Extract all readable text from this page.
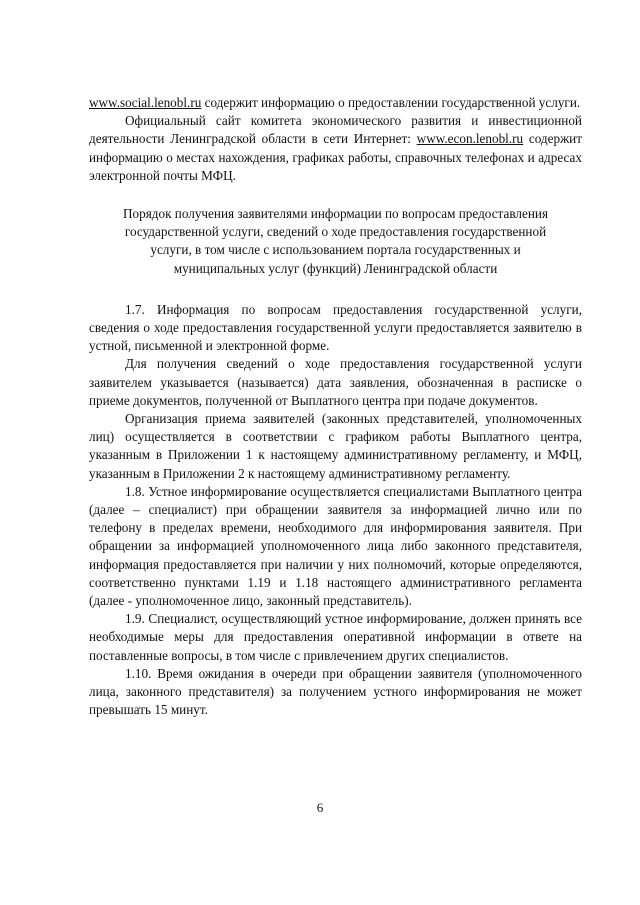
www.social.lenobl.ru содержит информацию о предоставлении государственной услуги.

Официальный сайт комитета экономического развития и инвестиционной деятельности Ленинградской области в сети Интернет: www.econ.lenobl.ru содержит информацию о местах нахождения, графиках работы, справочных телефонах и адресах электронной почты МФЦ.

Порядок получения заявителями информации по вопросам предоставления
государственной услуги, сведений о ходе предоставления государственной
услуги, в том числе с использованием портала государственных и
муниципальных услуг (функций) Ленинградской области

1.7. Информация по вопросам предоставления государственной услуги, сведения о ходе предоставления государственной услуги предоставляется заявителю в устной, письменной и электронной форме.

Для получения сведений о ходе предоставления государственной услуги заявителем указывается (называется) дата заявления, обозначенная в расписке о приеме документов, полученной от Выплатного центра при подаче документов.

Организация приема заявителей (законных представителей, уполномоченных лиц) осуществляется в соответствии с графиком работы Выплатного центра, указанным в Приложении 1 к настоящему административному регламенту, и МФЦ, указанным в Приложении 2 к настоящему административному регламенту.

1.8. Устное информирование осуществляется специалистами Выплатного центра (далее – специалист) при обращении заявителя за информацией лично или по телефону в пределах времени, необходимого для информирования заявителя. При обращении за информацией уполномоченного лица либо законного представителя, информация предоставляется при наличии у них полномочий, которые определяются, соответственно пунктами 1.19 и 1.18 настоящего административного регламента (далее - уполномоченное лицо, законный представитель).

1.9. Специалист, осуществляющий устное информирование, должен принять все необходимые меры для предоставления оперативной информации в ответе на поставленные вопросы, в том числе с привлечением других специалистов.

1.10. Время ожидания в очереди при обращении заявителя (уполномоченного лица, законного представителя) за получением устного информирования не может превышать 15 минут.

6
